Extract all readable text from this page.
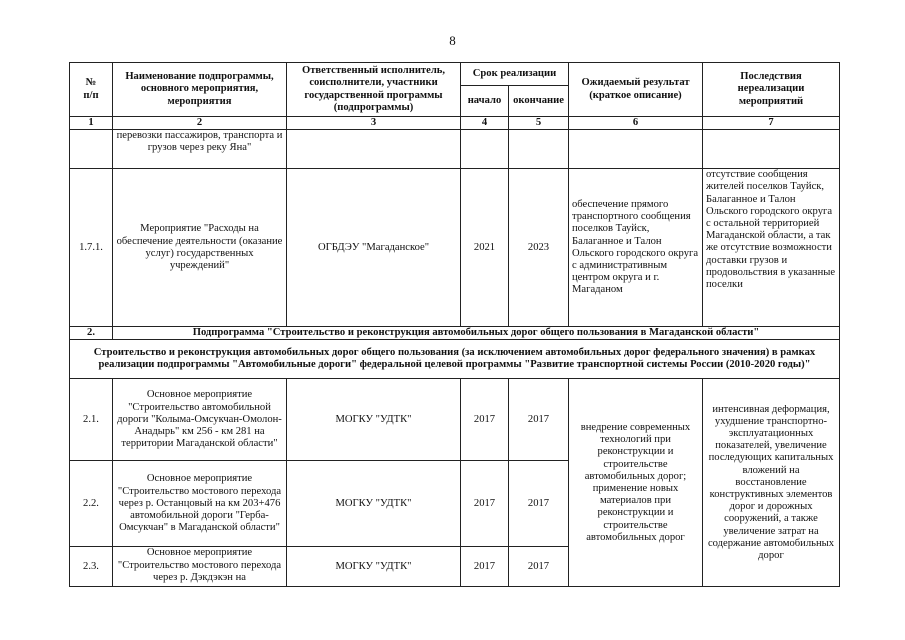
8
№
п/п	Наименование подпрограммы, основного мероприятия, мероприятия	Ответственный исполнитель, соисполнители, участники государственной программы (подпрограммы)	Срок реализации		Ожидаемый результат (краткое описание)	Последствия нереализации мероприятий
			начало	окончание		
1	2	3	4	5	6	7
	перевозки пассажиров, транспорта и грузов через реку Яна"					
1.7.1.	Мероприятие "Расходы на обеспечение деятельности (оказание услуг) государственных учреждений"	ОГБДЭУ "Магаданское"	2021	2023	обеспечение прямого транспортного сообщения поселков Тауйск, Балаганное и Талон Ольского городского округа с административным центром округа и г. Магаданом	отсутствие сообщения жителей поселков Тауйск, Балаганное и Талон Ольского городского округа с остальной территорией Магаданской области, а так же отсутствие возможности доставки грузов и продовольствия в указанные поселки
2.	Подпрограмма "Строительство и реконструкция автомобильных дорог общего пользования в Магаданской области"					
Строительство и реконструкция автомобильных дорог общего пользования (за исключением автомобильных дорог федерального значения) в рамках реализации подпрограммы "Автомобильные дороги" федеральной целевой программы "Развитие транспортной системы России (2010-2020 годы)"						
2.1.	Основное мероприятие "Строительство автомобильной дороги "Колыма-Омсукчан-Омолон-Анадырь" км 256 - км 281 на территории Магаданской области"	МОГКУ "УДТК"	2017	2017	внедрение современных технологий при реконструкции и строительстве автомобильных дорог; применение новых материалов при реконструкции и строительстве автомобильных дорог	интенсивная деформация, ухудшение транспортно-эксплуатационных показателей, увеличение последующих капитальных вложений на восстановление конструктивных элементов дорог и дорожных сооружений, а также увеличение затрат на содержание автомобильных дорог
2.2.	Основное мероприятие "Строительство мостового перехода через р. Останцовый на км 203+476 автомобильной дороги "Герба-Омсукчан" в Магаданской области"	МОГКУ "УДТК"	2017	2017		
2.3.	Основное мероприятие "Строительство мостового перехода через р. Дэкдэкэн на	МОГКУ "УДТК"	2017	2017		
